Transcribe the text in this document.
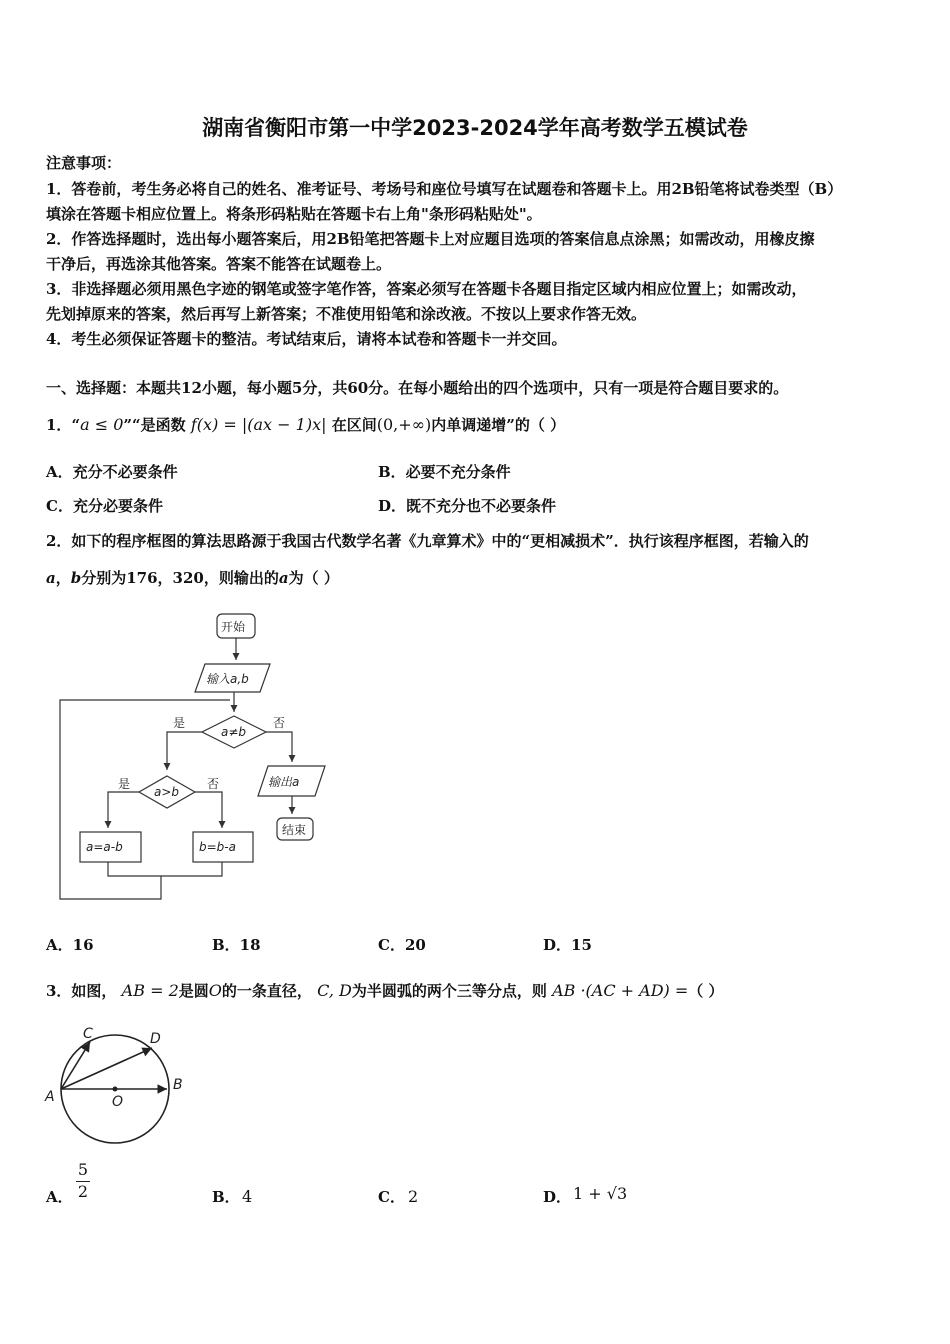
湖南省衡阳市第一中学2023-2024学年高考数学五模试卷
注意事项：
1．答卷前，考生务必将自己的姓名、准考证号、考场号和座位号填写在试题卷和答题卡上。用2B铅笔将试卷类型（B）
填涂在答题卡相应位置上。将条形码粘贴在答题卡右上角"条形码粘贴处"。
2．作答选择题时，选出每小题答案后，用2B铅笔把答题卡上对应题目选项的答案信息点涂黑；如需改动，用橡皮擦
干净后，再选涂其他答案。答案不能答在试题卷上。
3．非选择题必须用黑色字迹的钢笔或签字笔作答，答案必须写在答题卡各题目指定区域内相应位置上；如需改动，
先划掉原来的答案，然后再写上新答案；不准使用铅笔和涂改液。不按以上要求作答无效。
4．考生必须保证答题卡的整洁。考试结束后，请将本试卷和答题卡一并交回。
一、选择题：本题共12小题，每小题5分，共60分。在每小题给出的四个选项中，只有一项是符合题目要求的。
1．“a ≤ 0”“是函数 f(x) = |(ax − 1)x| 在区间(0,+∞)内单调递增”的（ ）
A．充分不必要条件	B．必要不充分条件
C．充分必要条件	D．既不充分也不必要条件
2．如下的程序框图的算法思路源于我国古代数学名著《九章算术》中的“更相减损术”．执行该程序框图，若输入的
a，b分别为176，320，则输出的a为（ ）
开始
输入a,b
a≠b
是	否
输出a
结束
a>b
是	否
a=a-b	b=b-a
A．16	B．18	C．20	D．15
3．如图， AB = 2是圆O的一条直径， C, D为半圆弧的两个三等分点，则 AB ·(AC + AD) =（ ）
A
B
C	D
O
A． $\frac{5}{2}$	B． 4	C． 2	D． 1 + √3
